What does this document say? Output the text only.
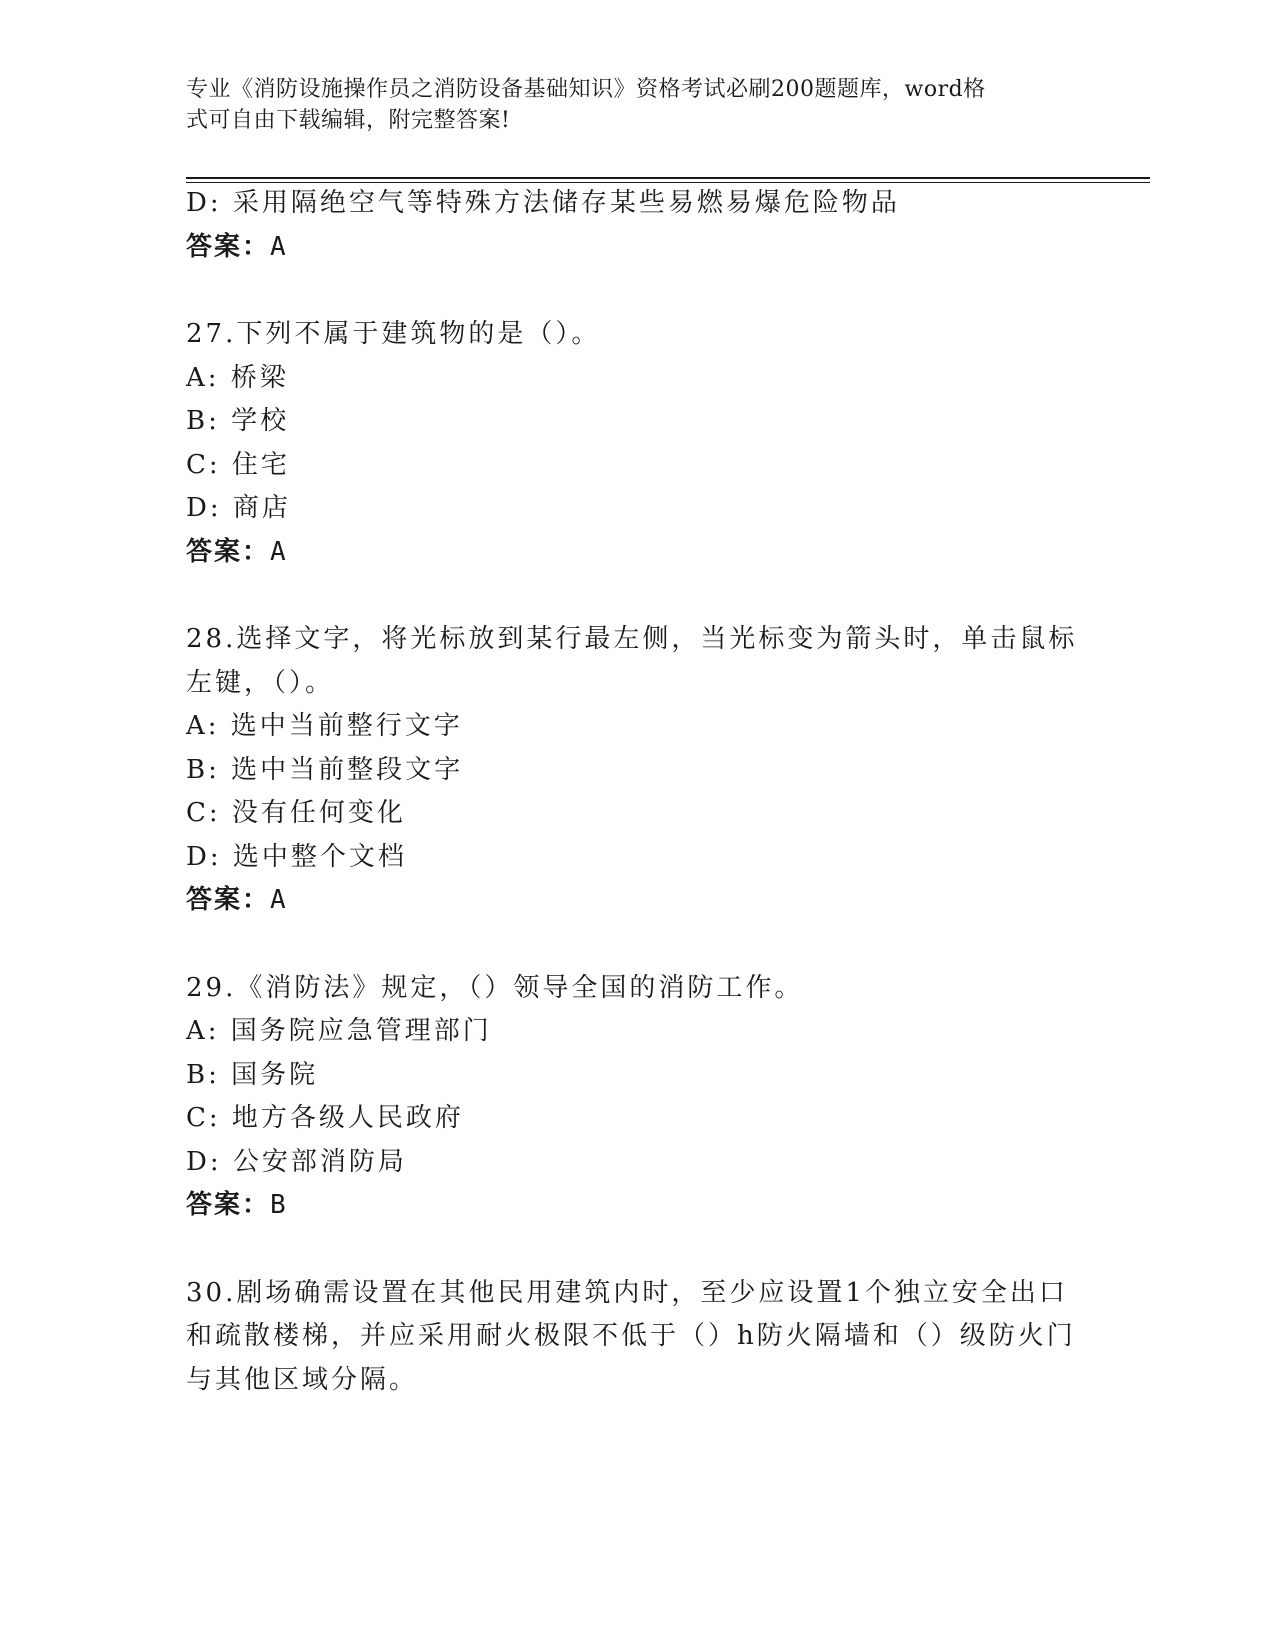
专业《消防设施操作员之消防设备基础知识》资格考试必刷200题题库，word格
式可自由下载编辑，附完整答案!
D: 采用隔绝空气等特殊方法储存某些易燃易爆危险物品
答案：A
27.下列不属于建筑物的是（）。
A: 桥梁
B: 学校
C: 住宅
D: 商店
答案：A
28.选择文字，将光标放到某行最左侧，当光标变为箭头时，单击鼠标
左键，（）。
A: 选中当前整行文字
B: 选中当前整段文字
C: 没有任何变化
D: 选中整个文档
答案：A
29.《消防法》规定，（）领导全国的消防工作。
A: 国务院应急管理部门
B: 国务院
C: 地方各级人民政府
D: 公安部消防局
答案：B
30.剧场确需设置在其他民用建筑内时，至少应设置1个独立安全出口
和疏散楼梯，并应采用耐火极限不低于（）h防火隔墙和（）级防火门
与其他区域分隔。
